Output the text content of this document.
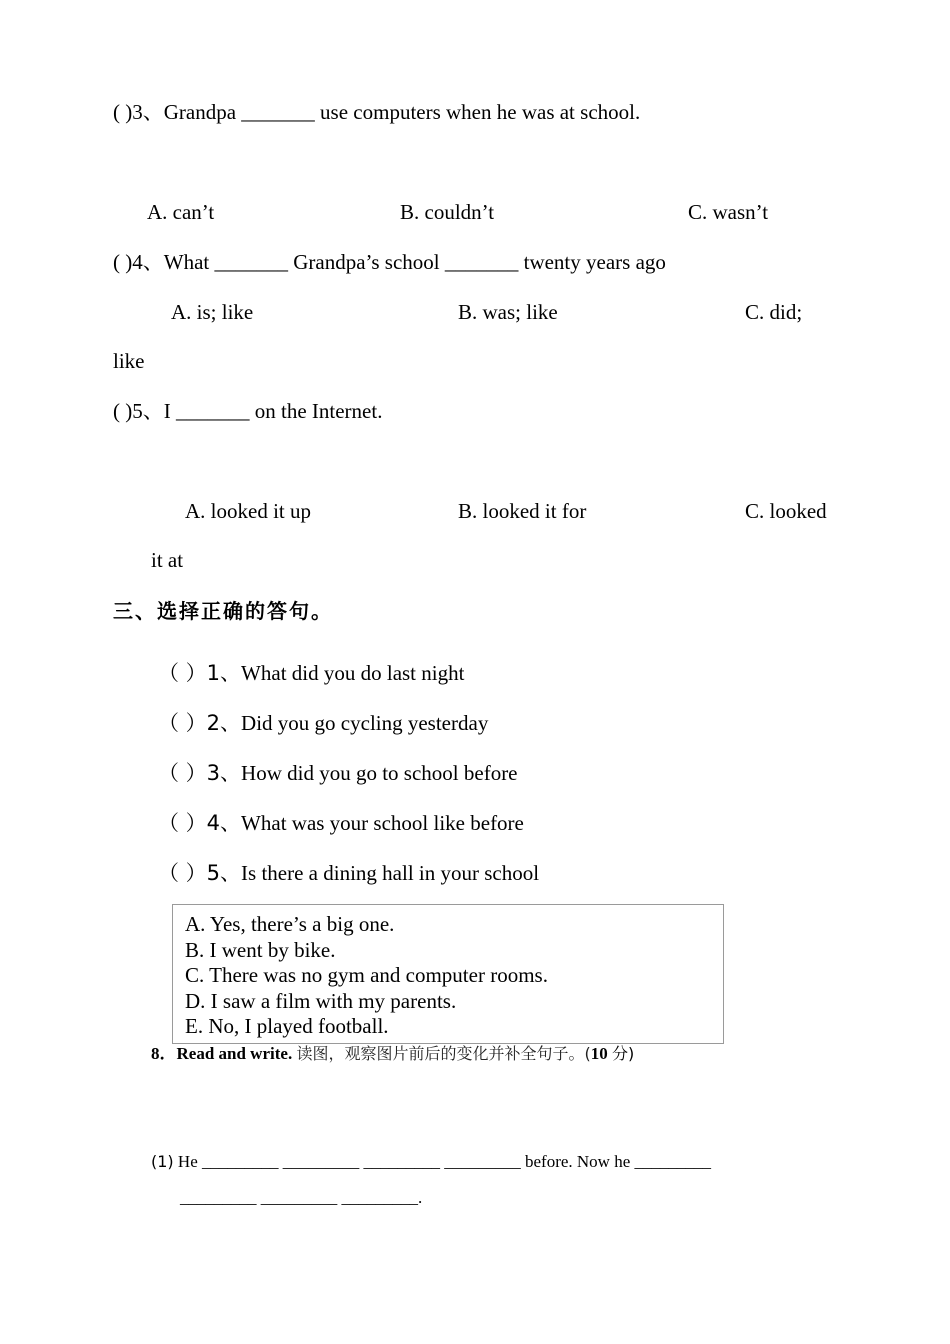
( )3、Grandpa _______ use computers when he was at school.
A. can’t	B. couldn’t	C. wasn’t
( )4、What _______ Grandpa’s school _______ twenty years ago
A. is; like	B. was; like	C. did;
like
( )5、I _______ on the Internet.
A. looked it up	B. looked it for	C. looked
it at
三、选择正确的答句。
（ ）1、What did you do last night
（ ）2、Did you go cycling yesterday
（ ）3、How did you go to school before
（ ）4、What was your school like before
（ ）5、Is there a dining hall in your school
A. Yes, there’s a big one.
B. I went by bike.
C. There was no gym and computer rooms.
D. I saw a film with my parents.
E. No, I played football.
8．Read and write. 读图，观察图片前后的变化并补全句子。(10 分)
(1) He _________ _________ _________ _________ before. Now he _________
_________ _________ _________.
